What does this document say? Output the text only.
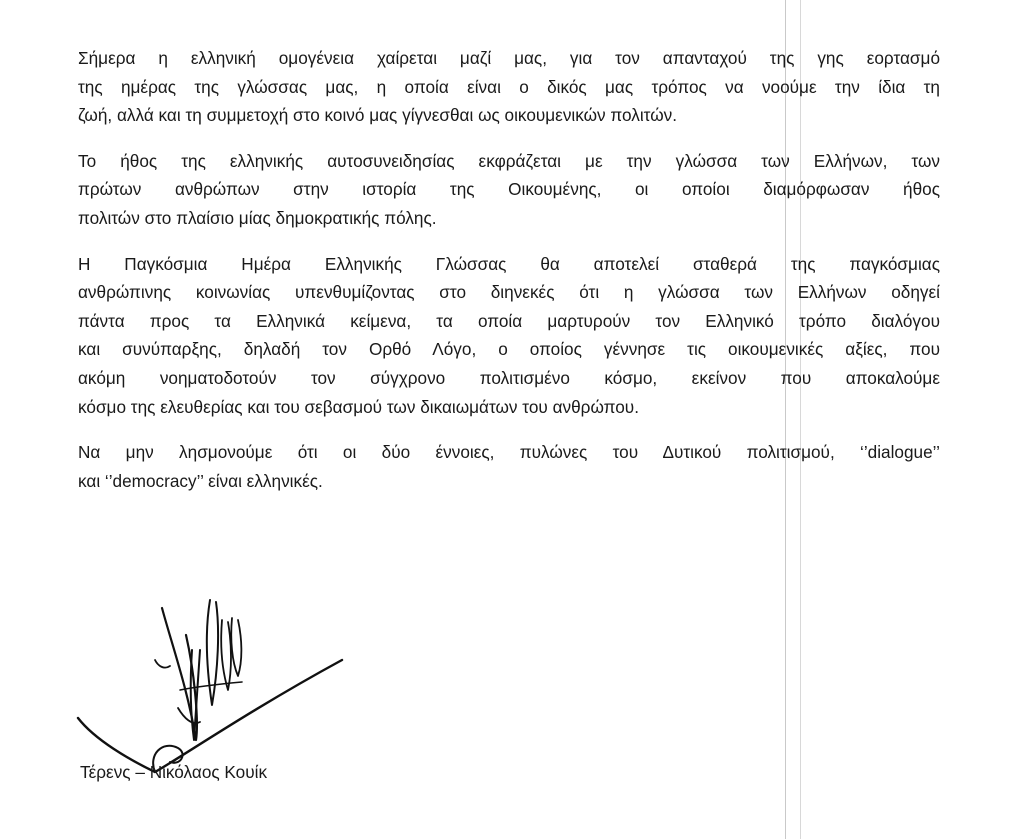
Σήμερα η ελληνική ομογένεια χαίρεται μαζί μας, για τον απανταχού της γης εορτασμό
της ημέρας της γλώσσας μας, η οποία είναι ο δικός μας τρόπος να νοούμε την ίδια τη
ζωή, αλλά και τη συμμετοχή στο κοινό μας γίγνεσθαι ως οικουμενικών πολιτών.

Το ήθος της ελληνικής αυτοσυνειδησίας εκφράζεται με την γλώσσα των Ελλήνων, των
πρώτων ανθρώπων στην ιστορία της Οικουμένης, οι οποίοι διαμόρφωσαν ήθος
πολιτών στο πλαίσιο μίας δημοκρατικής πόλης.

Η Παγκόσμια Ημέρα Ελληνικής Γλώσσας θα αποτελεί σταθερά της παγκόσμιας
ανθρώπινης κοινωνίας υπενθυμίζοντας στο διηνεκές ότι η γλώσσα των Ελλήνων οδηγεί
πάντα προς τα Ελληνικά κείμενα, τα οποία μαρτυρούν τον Ελληνικό τρόπο διαλόγου
και συνύπαρξης, δηλαδή τον Ορθό Λόγο, ο οποίος γέννησε τις οικουμενικές αξίες, που
ακόμη νοηματοδοτούν τον σύγχρονο πολιτισμένο κόσμο, εκείνον που αποκαλούμε
κόσμο της ελευθερίας και του σεβασμού των δικαιωμάτων του ανθρώπου.

Να μην λησμονούμε ότι οι δύο έννοιες, πυλώνες του Δυτικού πολιτισμού, ‘’dialogue’’
και ‘’democracy’’ είναι ελληνικές.

Τέρενς – Νικόλαος Κουίκ
